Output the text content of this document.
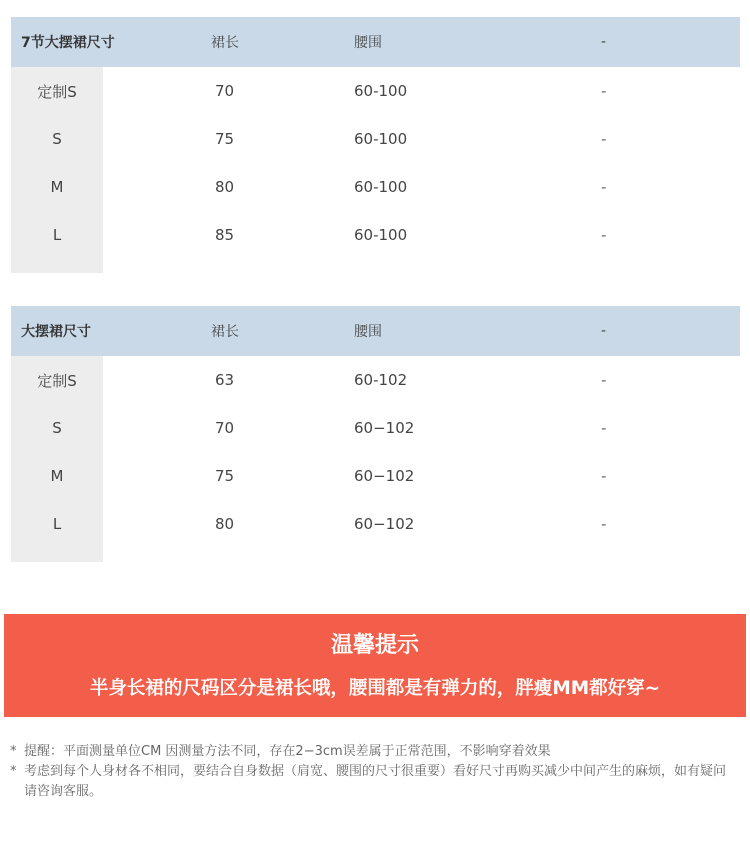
7节大摆裙尺寸	裙长	腰围	-
定制S	70	60-100	-
S	75	60-100	-
M	80	60-100	-
L	85	60-100	-
大摆裙尺寸	裙长	腰围	-
定制S	63	60-102	-
S	70	60−102	-
M	75	60−102	-
L	80	60−102	-
温馨提示
半身长裙的尺码区分是裙长哦，腰围都是有弹力的，胖瘦MM都好穿~
* 提醒：平面测量单位CM 因测量方法不同，存在2−3cm误差属于正常范围，不影响穿着效果
* 考虑到每个人身材各不相同，要结合自身数据（肩宽、腰围的尺寸很重要）看好尺寸再购买减少中间产生的麻烦，如有疑问请咨询客服。
